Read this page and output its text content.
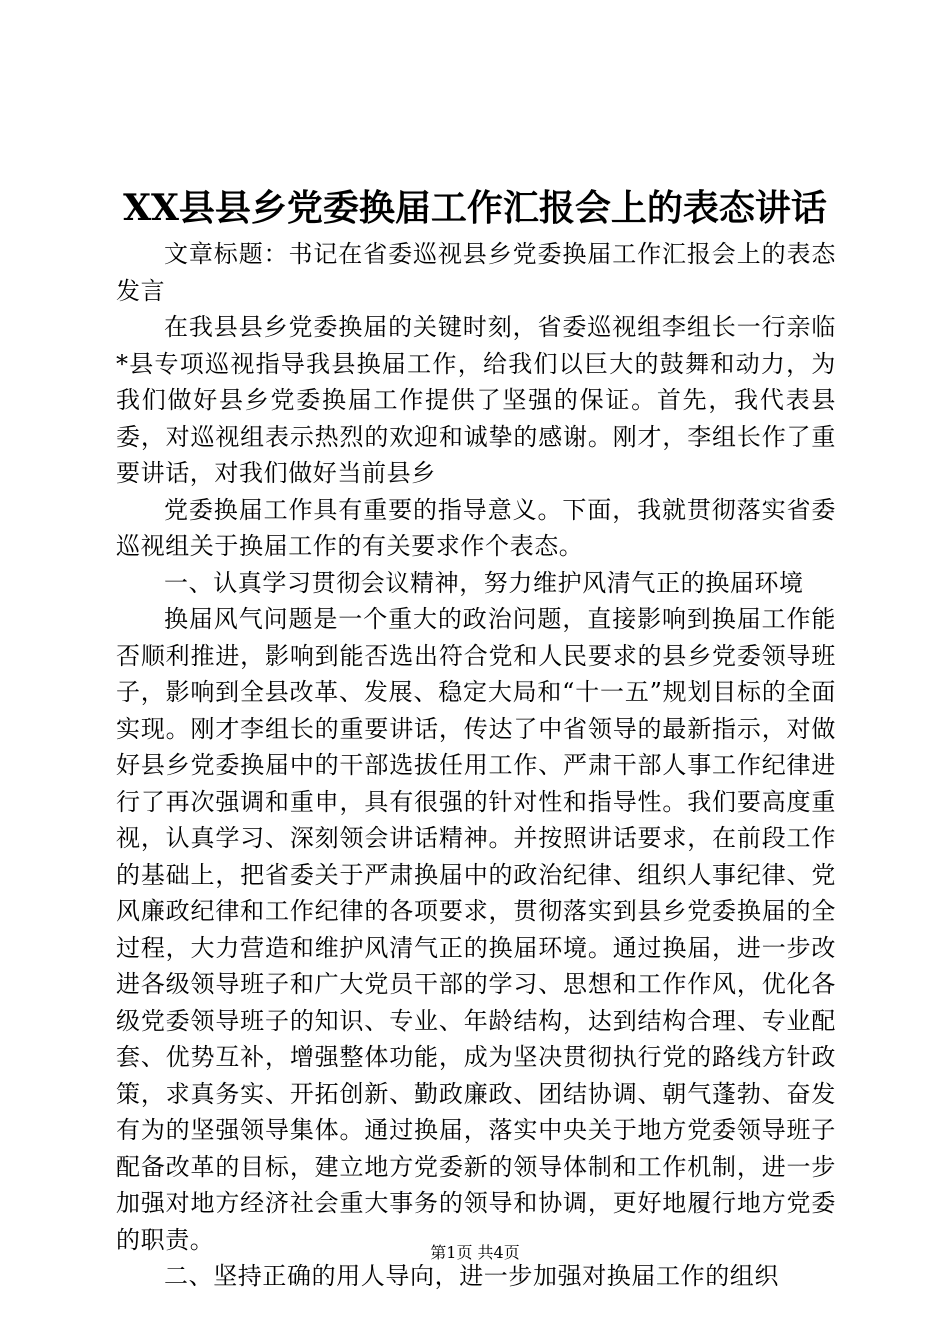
XX县县乡党委换届工作汇报会上的表态讲话

文章标题：书记在省委巡视县乡党委换届工作汇报会上的表态发言

在我县县乡党委换届的关键时刻，省委巡视组李组长一行亲临*县专项巡视指导我县换届工作，给我们以巨大的鼓舞和动力，为我们做好县乡党委换届工作提供了坚强的保证。首先，我代表县委，对巡视组表示热烈的欢迎和诚挚的感谢。刚才，李组长作了重要讲话，对我们做好当前县乡

党委换届工作具有重要的指导意义。下面，我就贯彻落实省委巡视组关于换届工作的有关要求作个表态。

一、认真学习贯彻会议精神，努力维护风清气正的换届环境

换届风气问题是一个重大的政治问题，直接影响到换届工作能否顺利推进，影响到能否选出符合党和人民要求的县乡党委领导班子，影响到全县改革、发展、稳定大局和“十一五”规划目标的全面实现。刚才李组长的重要讲话，传达了中省领导的最新指示，对做好县乡党委换届中的干部选拔任用工作、严肃干部人事工作纪律进行了再次强调和重申，具有很强的针对性和指导性。我们要高度重视，认真学习、深刻领会讲话精神。并按照讲话要求，在前段工作的基础上，把省委关于严肃换届中的政治纪律、组织人事纪律、党风廉政纪律和工作纪律的各项要求，贯彻落实到县乡党委换届的全过程，大力营造和维护风清气正的换届环境。通过换届，进一步改进各级领导班子和广大党员干部的学习、思想和工作作风，优化各级党委领导班子的知识、专业、年龄结构，达到结构合理、专业配套、优势互补，增强整体功能，成为坚决贯彻执行党的路线方针政策，求真务实、开拓创新、勤政廉政、团结协调、朝气蓬勃、奋发有为的坚强领导集体。通过换届，落实中央关于地方党委领导班子配备改革的目标，建立地方党委新的领导体制和工作机制，进一步加强对地方经济社会重大事务的领导和协调，更好地履行地方党委的职责。

二、坚持正确的用人导向，进一步加强对换届工作的组织

第1页 共4页
